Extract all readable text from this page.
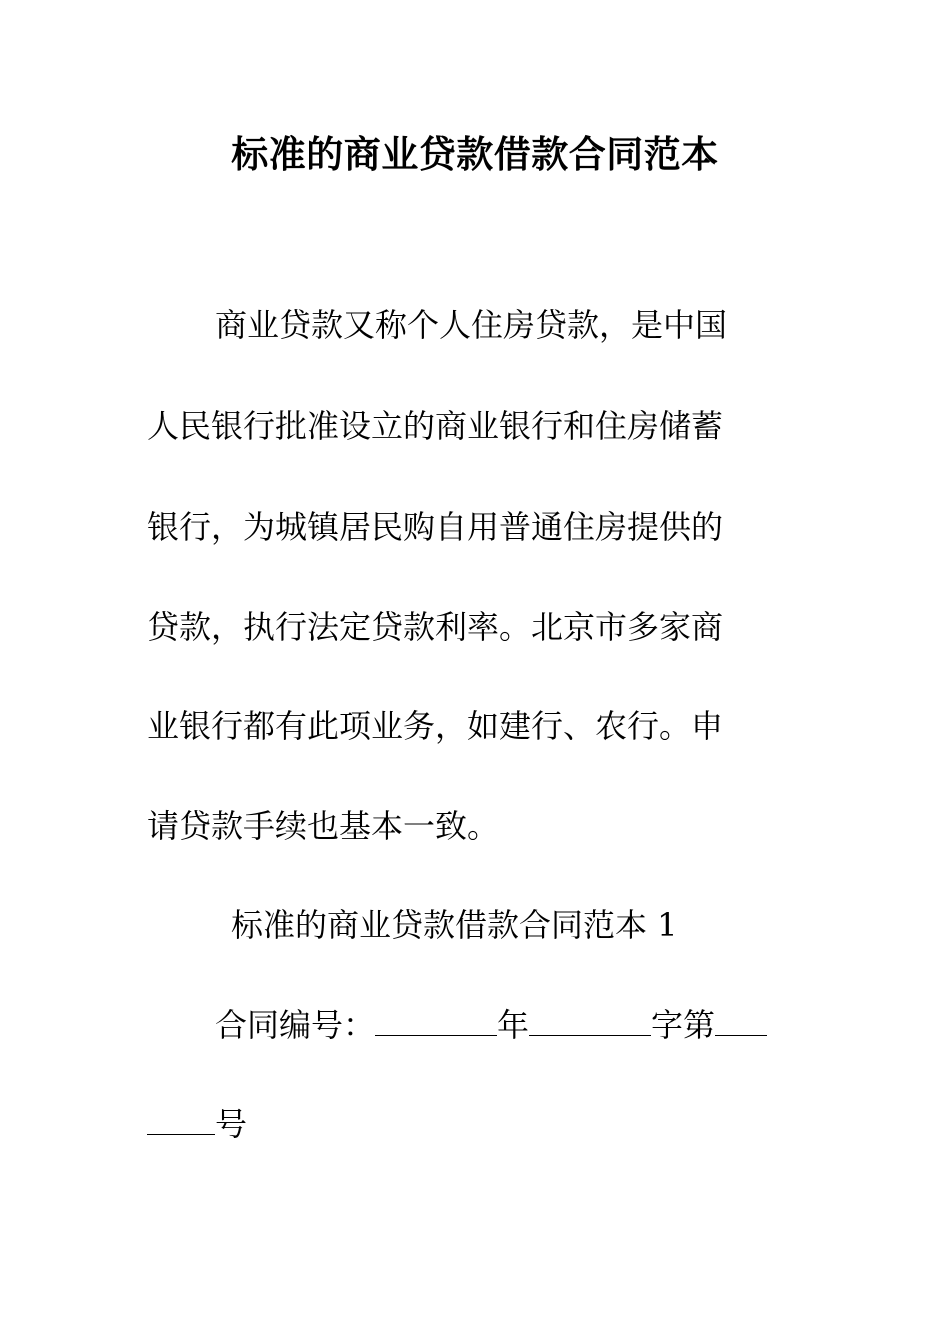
标准的商业贷款借款合同范本
商业贷款又称个人住房贷款，是中国
人民银行批准设立的商业银行和住房储蓄
银行，为城镇居民购自用普通住房提供的
贷款，执行法定贷款利率。北京市多家商
业银行都有此项业务，如建行、农行。申
请贷款手续也基本一致。
标准的商业贷款借款合同范本 1
合同编号：	年	字第
号
